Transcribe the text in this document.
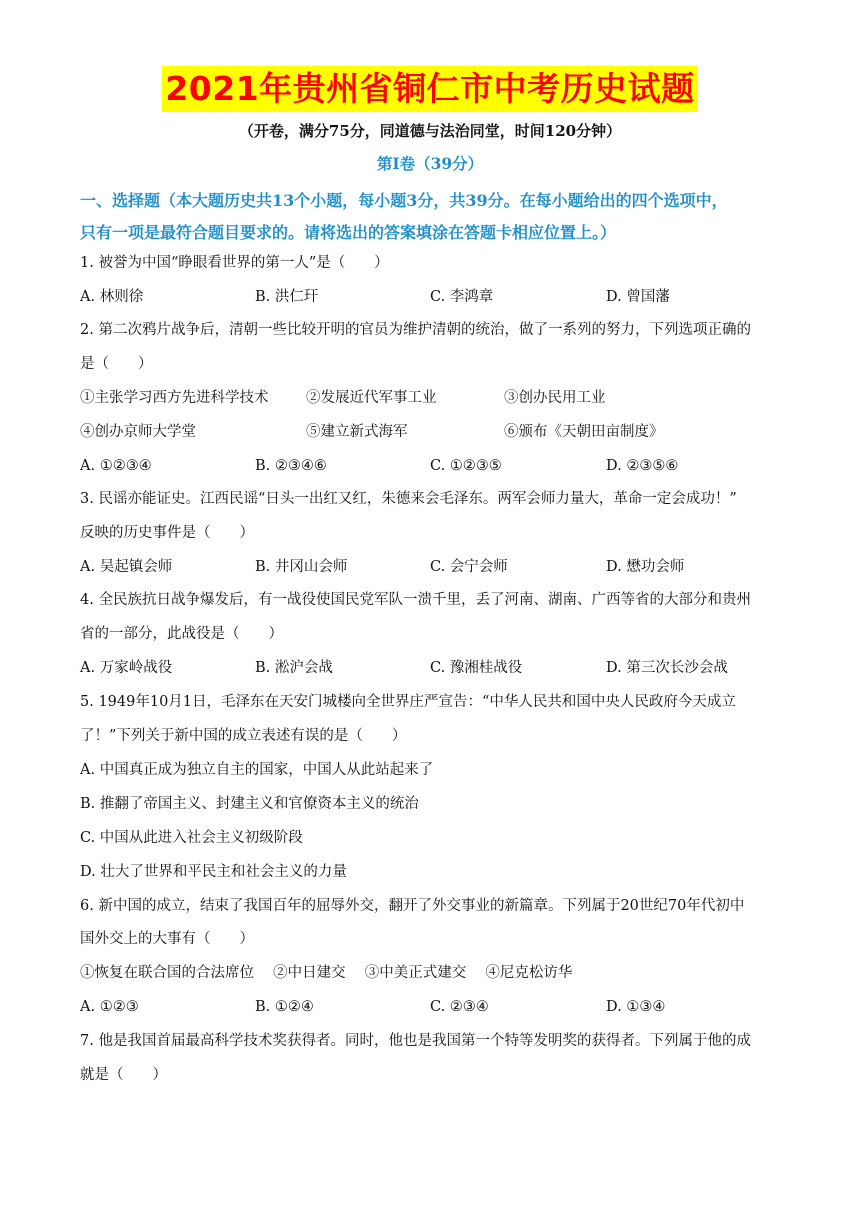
2021年贵州省铜仁市中考历史试题
（开卷，满分75分，同道德与法治同堂，时间120分钟）
第Ⅰ卷（39分）
一、选择题（本大题历史共13个小题，每小题3分，共39分。在每小题给出的四个选项中，
只有一项是最符合题目要求的。请将选出的答案填涂在答题卡相应位置上。）
1. 被誉为中国“睁眼看世界的第一人”是（　　）
A. 林则徐	B. 洪仁玕	C. 李鸿章	D. 曾国藩
2. 第二次鸦片战争后，清朝一些比较开明的官员为维护清朝的统治，做了一系列的努力，下列选项正确的
是（　　）
①主张学习西方先进科学技术	②发展近代军事工业	③创办民用工业
④创办京师大学堂	⑤建立新式海军	⑥颁布《天朝田亩制度》
A. ①②③④	B. ②③④⑥	C. ①②③⑤	D. ②③⑤⑥
3. 民谣亦能证史。江西民谣“日头一出红又红，朱德来会毛泽东。两军会师力量大，革命一定会成功！”
反映的历史事件是（　　）
A. 吴起镇会师	B. 井冈山会师	C. 会宁会师	D. 懋功会师
4. 全民族抗日战争爆发后，有一战役使国民党军队一溃千里，丢了河南、湖南、广西等省的大部分和贵州
省的一部分，此战役是（　　）
A. 万家岭战役	B. 淞沪会战	C. 豫湘桂战役	D. 第三次长沙会战
5. 1949年10月1日，毛泽东在天安门城楼向全世界庄严宣告：“中华人民共和国中央人民政府今天成立
了！”下列关于新中国的成立表述有误的是（　　）
A. 中国真正成为独立自主的国家，中国人从此站起来了
B. 推翻了帝国主义、封建主义和官僚资本主义的统治
C. 中国从此进入社会主义初级阶段
D. 壮大了世界和平民主和社会主义的力量
6. 新中国的成立，结束了我国百年的屈辱外交，翻开了外交事业的新篇章。下列属于20世纪70年代初中
国外交上的大事有（　　）
①恢复在联合国的合法席位　 ②中日建交　 ③中美正式建交　 ④尼克松访华
A. ①②③	B. ①②④	C. ②③④	D. ①③④
7. 他是我国首届最高科学技术奖获得者。同时，他也是我国第一个特等发明奖的获得者。下列属于他的成
就是（　　）
